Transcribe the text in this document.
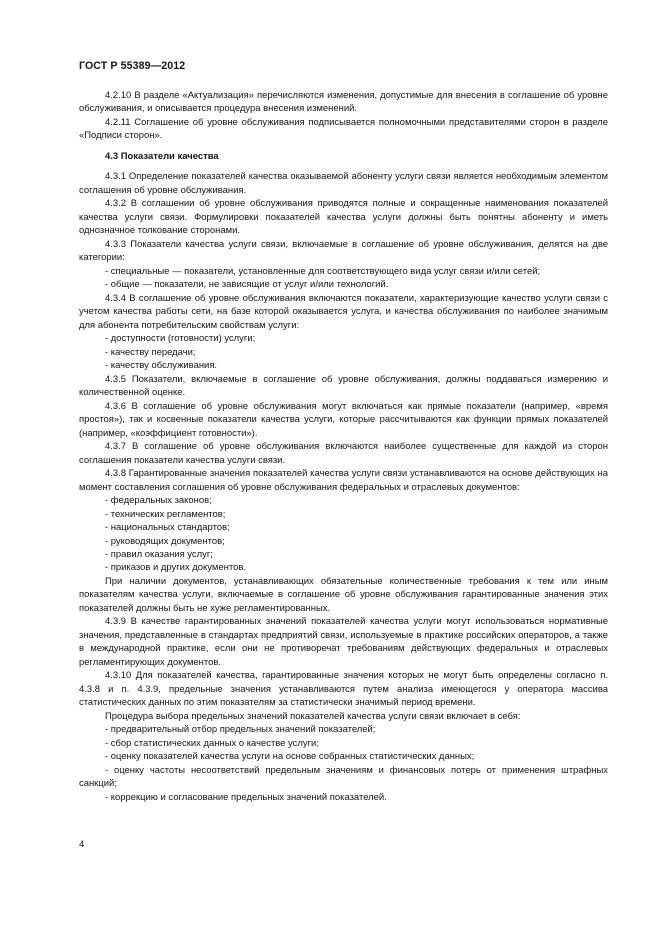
ГОСТ Р 55389—2012

4.2.10 В разделе «Актуализация» перечисляются изменения, допустимые для внесения в соглашение об уровне обслуживания, и описывается процедура внесения изменений.

4.2.11 Соглашение об уровне обслуживания подписывается полномочными представителями сторон в разделе «Подписи сторон».

4.3 Показатели качества

4.3.1 Определение показателей качества оказываемой абоненту услуги связи является необходимым элементом соглашения об уровне обслуживания.

4.3.2 В соглашении об уровне обслуживания приводятся полные и сокращенные наименования показателей качества услуги связи. Формулировки показателей качества услуги должны быть понятны абоненту и иметь однозначное толкование сторонами.

4.3.3 Показатели качества услуги связи, включаемые в соглашение об уровне обслуживания, делятся на две категории:

- специальные — показатели, установленные для соответствующего вида услуг связи и/или сетей;

- общие — показатели, не зависящие от услуг и/или технологий.

4.3.4 В соглашение об уровне обслуживания включаются показатели, характеризующие качество услуги связи с учетом качества работы сети, на базе которой оказывается услуга, и качества обслуживания по наиболее значимым для абонента потребительским свойствам услуги:

- доступности (готовности) услуги;

- качеству передачи;

- качеству обслуживания.

4.3.5 Показатели, включаемые в соглашение об уровне обслуживания, должны поддаваться измерению и количественной оценке.

4.3.6 В соглашение об уровне обслуживания могут включаться как прямые показатели (например, «время простоя»), так и косвенные показатели качества услуги, которые рассчитываются как функции прямых показателей (например, «коэффициент готовности»).

4.3.7 В соглашение об уровне обслуживания включаются наиболее существенные для каждой из сторон соглашения показатели качества услуги связи.

4.3.8 Гарантированные значения показателей качества услуги связи устанавливаются на основе действующих на момент составления соглашения об уровне обслуживания федеральных и отраслевых документов:

- федеральных законов;

- технических регламентов;

- национальных стандартов;

- руководящих документов;

- правил оказания услуг;

- приказов и других документов.

При наличии документов, устанавливающих обязательные количественные требования к тем или иным показателям качества услуги, включаемые в соглашение об уровне обслуживания гарантированные значения этих показателей должны быть не хуже регламентированных.

4.3.9 В качестве гарантированных значений показателей качества услуги могут использоваться нормативные значения, представленные в стандартах предприятий связи, используемые в практике российских операторов, а также в международной практике, если они не противоречат требованиям действующих федеральных и отраслевых регламентирующих документов.

4.3.10 Для показателей качества, гарантированные значения которых не могут быть определены согласно п. 4.3.8 и п. 4.3.9, предельные значения устанавливаются путем анализа имеющегося у оператора массива статистических данных по этим показателям за статистически значимый период времени.

Процедура выбора предельных значений показателей качества услуги связи включает в себя:

- предварительный отбор предельных значений показателей;

- сбор статистических данных о качестве услуги;

- оценку показателей качества услуги на основе собранных статистических данных;

- оценку частоты несоответствий предельным значениям и финансовых потерь от применения штрафных санкций;

- коррекцию и согласование предельных значений показателей.

4
